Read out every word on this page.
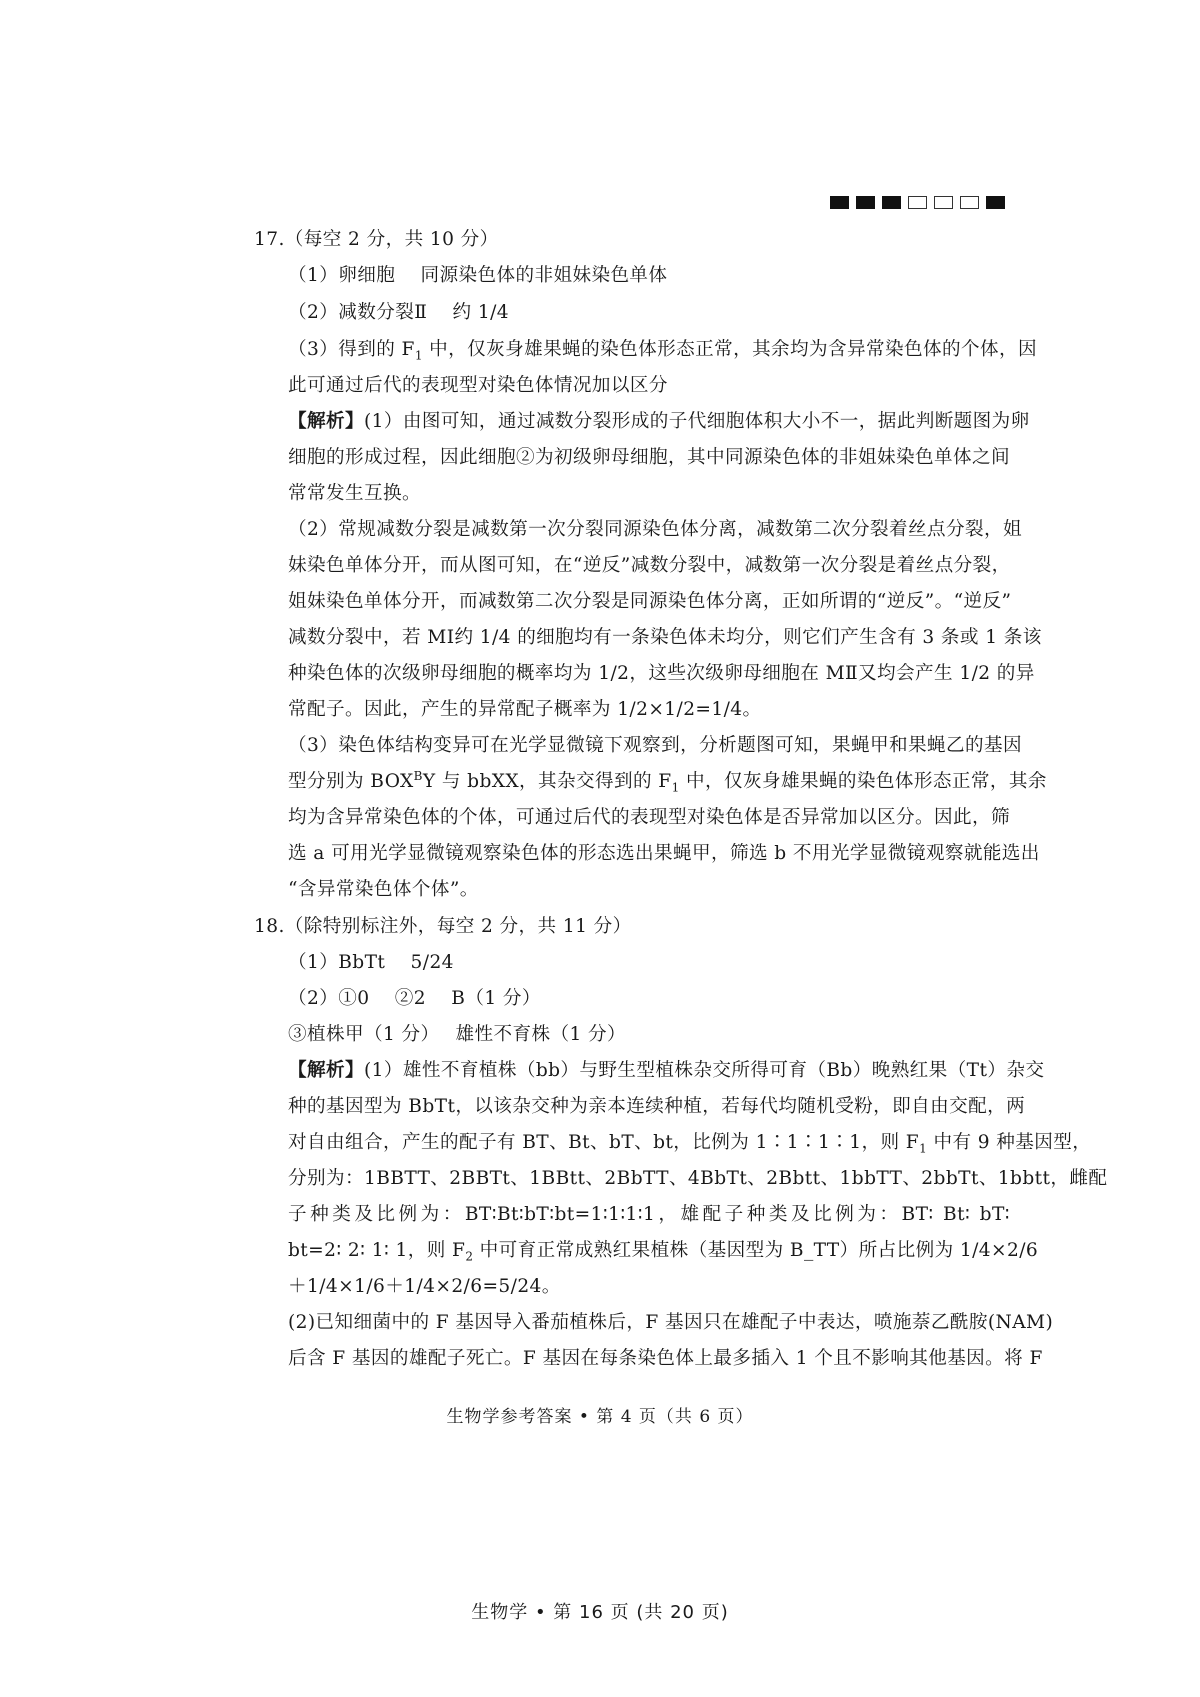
17.（每空 2 分，共 10 分）
（1）卵细胞　 同源染色体的非姐妹染色单体
（2）减数分裂Ⅱ　 约 1/4
（3）得到的 $F_1$ 中，仅灰身雄果蝇的染色体形态正常，其余均为含异常染色体的个体，因
此可通过后代的表现型对染色体情况加以区分
【解析】(1）由图可知，通过减数分裂形成的子代细胞体积大小不一，据此判断题图为卵
细胞的形成过程，因此细胞②为初级卵母细胞，其中同源染色体的非姐妹染色单体之间
常常发生互换。
（2）常规减数分裂是减数第一次分裂同源染色体分离，减数第二次分裂着丝点分裂，姐
妹染色单体分开，而从图可知，在“逆反”减数分裂中，减数第一次分裂是着丝点分裂，
姐妹染色单体分开，而减数第二次分裂是同源染色体分离，正如所谓的“逆反”。“逆反”
减数分裂中，若 MⅠ约 1/4 的细胞均有一条染色体未均分，则它们产生含有 3 条或 1 条该
种染色体的次级卵母细胞的概率均为 1/2，这些次级卵母细胞在 MⅡ又均会产生 1/2 的异
常配子。因此，产生的异常配子概率为 1/2×1/2=1/4。
（3）染色体结构变异可在光学显微镜下观察到，分析题图可知，果蝇甲和果蝇乙的基因
型分别为 $BOX^BY$ 与 bbXX，其杂交得到的 $F_1$ 中，仅灰身雄果蝇的染色体形态正常，其余
均为含异常染色体的个体，可通过后代的表现型对染色体是否异常加以区分。因此，筛
选 a 可用光学显微镜观察染色体的形态选出果蝇甲，筛选 b 不用光学显微镜观察就能选出
“含异常染色体个体”。
18.（除特别标注外，每空 2 分，共 11 分）
（1）BbTt　 5/24
（2）①0　 ②2　 B（1 分）
③植株甲（1 分）　 雄性不育株（1 分）
【解析】(1）雄性不育植株（bb）与野生型植株杂交所得可育（Bb）晚熟红果（Tt）杂交
种的基因型为 BbTt，以该杂交种为亲本连续种植，若每代均随机受粉，即自由交配，两
对自由组合，产生的配子有 BT、Bt、bT、bt，比例为 1∶1∶1∶1，则 $F_1$ 中有 9 种基因型，
分别为：1BBTT、2BBTt、1BBtt、2BbTT、4BbTt、2Bbtt、1bbTT、2bbTt、1bbtt，雌配
子种类及比例为：BT∶Bt∶bT∶bt=1∶1∶1∶1，雄配子种类及比例为：BT∶ Bt∶ bT∶
bt=2∶ 2∶ 1∶ 1，则 $F_2$ 中可育正常成熟红果植株（基因型为 B_TT）所占比例为 1/4×2/6
＋1/4×1/6＋1/4×2/6=5/24。
(2)已知细菌中的 F 基因导入番茄植株后，F 基因只在雄配子中表达，喷施萘乙酰胺(NAM)
后含 F 基因的雄配子死亡。F 基因在每条染色体上最多插入 1 个且不影响其他基因。将 F
生物学参考答案 • 第 4 页（共 6 页）
生物学 • 第 16 页 (共 20 页)
